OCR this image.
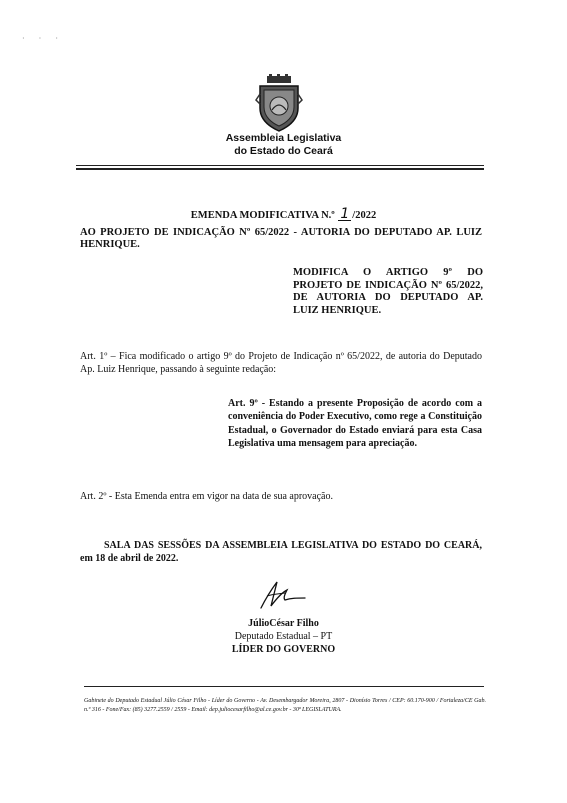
· · ·
Assembleia Legislativa
do Estado do Ceará
EMENDA MODIFICATIVA N.º 1 /2022
AO PROJETO DE INDICAÇÃO Nº 65/2022 - AUTORIA DO DEPUTADO AP. LUIZ
HENRIQUE.
MODIFICA O ARTIGO 9º DO PROJETO DE INDICAÇÃO Nº 65/2022, DE AUTORIA DO DEPUTADO AP. LUIZ HENRIQUE.
Art. 1º – Fica modificado o artigo 9º do Projeto de Indicação nº 65/2022, de autoria do Deputado Ap. Luiz Henrique, passando à seguinte redação:
Art. 9º - Estando a presente Proposição de acordo com a conveniência do Poder Executivo, como rege a Constituição Estadual, o Governador do Estado enviará para esta Casa Legislativa uma mensagem para apreciação.
Art. 2º - Esta Emenda entra em vigor na data de sua aprovação.
SALA DAS SESSÕES DA ASSEMBLEIA LEGISLATIVA DO ESTADO DO CEARÁ, em 18 de abril de 2022.
JúlioCésar Filho
Deputado Estadual – PT
LÍDER DO GOVERNO
Gabinete do Deputado Estadual Júlio César Filho - Líder do Governo - Av. Desembargador Moreira, 2807 - Dionísio Torres / CEP: 60.170-900 / Fortaleza/CE Gab. n.º 316 - Fone/Fax: (85) 3277.2559 / 2559 - Email: dep.juliocesarfilho@al.ce.gov.br - 30ª LEGISLATURA.
